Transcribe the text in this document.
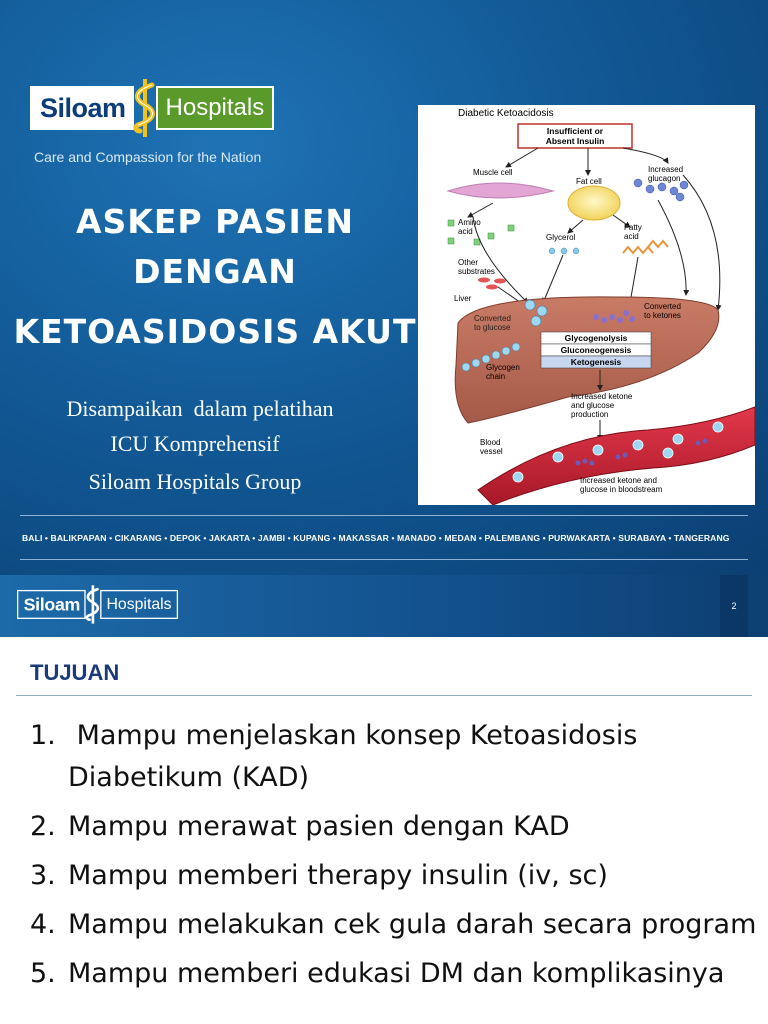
Siloam	Hospitals
Care and Compassion for the Nation
ASKEP PASIEN
DENGAN
KETOASIDOSIS AKUT
Disampaikan  dalam pelatihan
ICU Komprehensif
Siloam Hospitals Group
Diabetic Ketoacidosis
Insufficient or
Absent Insulin
Muscle cell
Fat cell
Increased
glucagon
Amino
acid
Glycerol
Fatty
acid
Other
substrates
Liver
Converted
to glucose
Converted
to ketones
Glycogenolysis
Gluconeogenesis
Ketogenesis
Glycogen
chain
Increased ketone
and glucose
production
Blood
vessel
Increased ketone and
glucose in bloodstream
BALI • BALIKPAPAN • CIKARANG • DEPOK • JAKARTA • JAMBI • KUPANG • MAKASSAR • MANADO • MEDAN • PALEMBANG • PURWAKARTA • SURABAYA • TANGERANG
Siloam Hospitals	2
TUJUAN
1. Mampu menjelaskan konsep Ketoasidosis Diabetikum (KAD)
2. Mampu merawat pasien dengan KAD
3. Mampu memberi therapy insulin (iv, sc)
4. Mampu melakukan cek gula darah secara program
5. Mampu memberi edukasi DM dan komplikasinya
